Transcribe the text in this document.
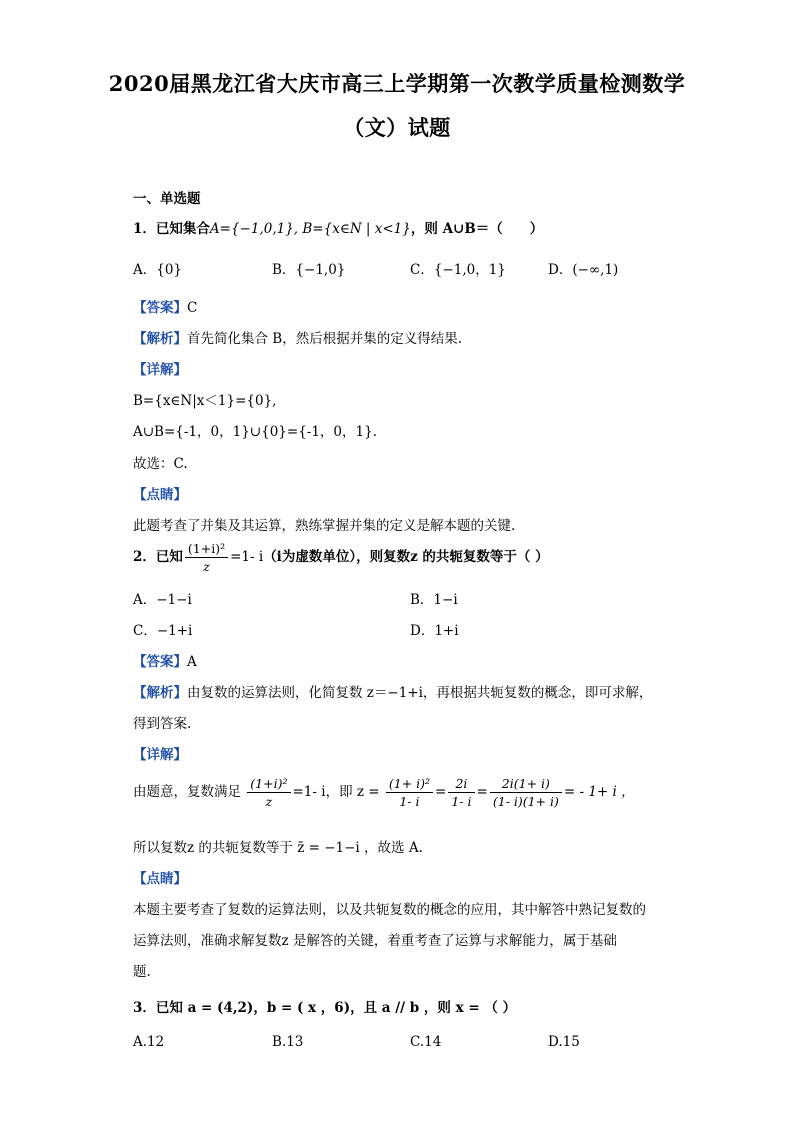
2020届黑龙江省大庆市高三上学期第一次教学质量检测数学
（文）试题
一、单选题
1．已知集合A={−1,0,1}, B={x∈N | x<1}，则 A∪B＝（　　）
A．{0}	B．{−1,0}	C．{−1,0，1}	D．(−∞,1)
【答案】C
【解析】首先简化集合 B，然后根据并集的定义得结果.
【详解】
B={x∈N|x＜1}={0},
A∪B={-1，0，1}∪{0}={-1，0，1}.
故选：C.
【点睛】
此题考查了并集及其运算，熟练掌握并集的定义是解本题的关键.
2．已知 $\frac{\text{(1+i)²}}{z} =1-$ i（i为虚数单位），则复数z 的共轭复数等于（ ）
A．−1−i	B．1−i
C．−1+i	D．1+i
【答案】A
【解析】由复数的运算法则，化简复数 z＝−1+i，再根据共轭复数的概念，即可求解，
得到答案.
【详解】
由题意，复数满足 $\frac{\text{(1+i)²}}{z} =1-$ i，即 $z = \frac{\text{(1+ i)²}}{1- i} = \frac{2i}{1- i} = \frac{2i(1+ i)}{(1- i)(1+ i)}$ = - 1+ i ，
所以复数z 的共轭复数等于 z̄ = −1−i ，故选 A.
【点睛】
本题主要考查了复数的运算法则，以及共轭复数的概念的应用，其中解答中熟记复数的
运算法则，准确求解复数z 是解答的关键，着重考查了运算与求解能力，属于基础
题.
3．已知 a = (4,2)，b = ( x ，6)，且 a // b ，则 x = （ ）
A.12	B.13	C.14	D.15
